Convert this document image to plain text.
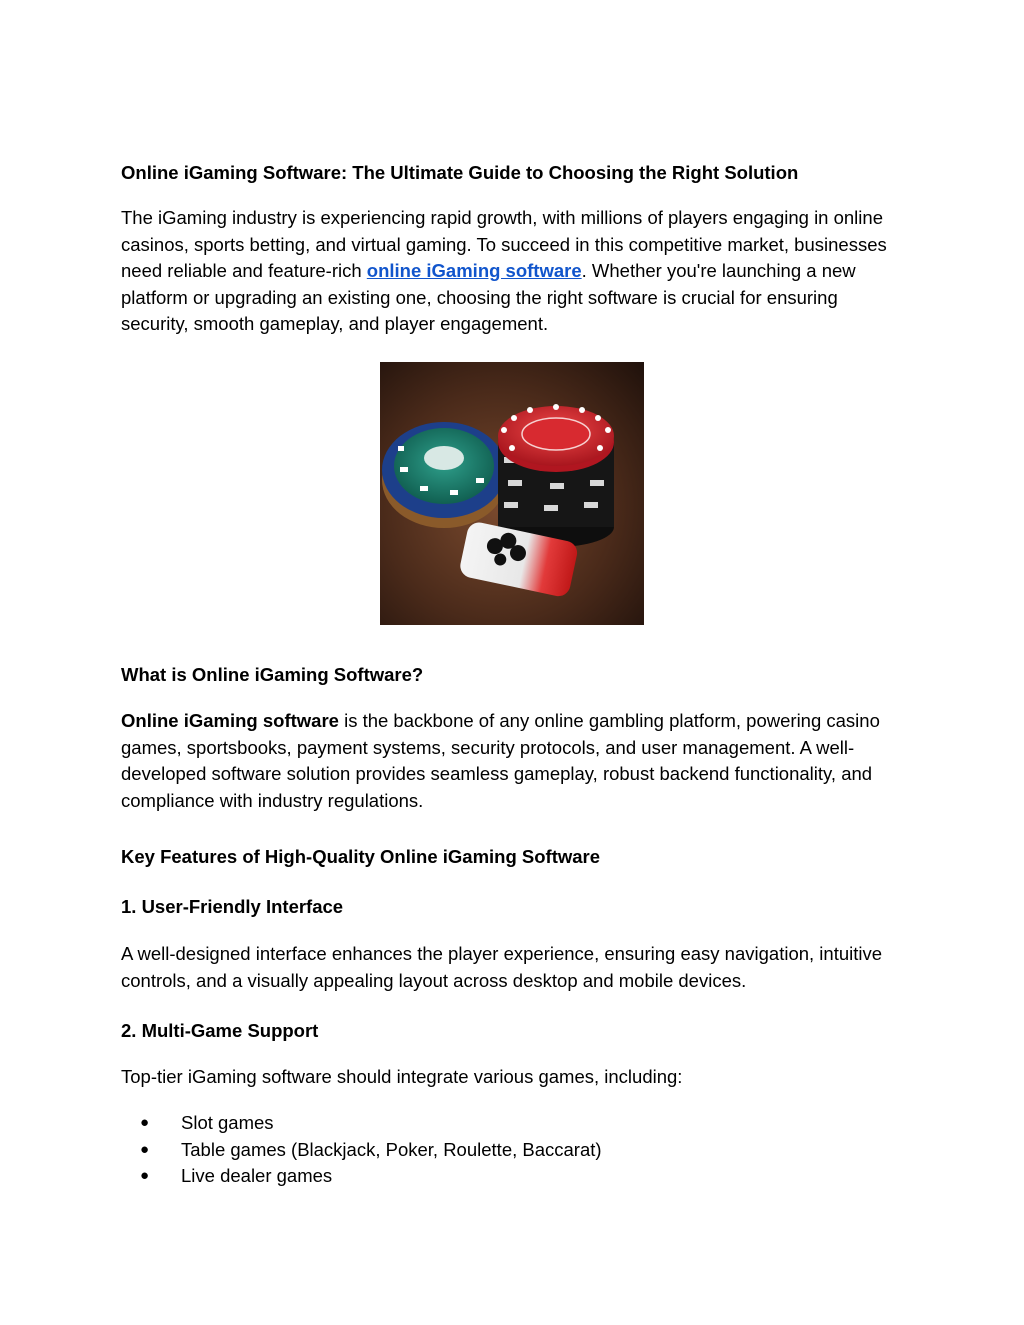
Online iGaming Software: The Ultimate Guide to Choosing the Right Solution

The iGaming industry is experiencing rapid growth, with millions of players engaging in online casinos, sports betting, and virtual gaming. To succeed in this competitive market, businesses need reliable and feature-rich online iGaming software. Whether you're launching a new platform or upgrading an existing one, choosing the right software is crucial for ensuring security, smooth gameplay, and player engagement.

What is Online iGaming Software?

Online iGaming software is the backbone of any online gambling platform, powering casino games, sportsbooks, payment systems, security protocols, and user management. A well-developed software solution provides seamless gameplay, robust backend functionality, and compliance with industry regulations.

Key Features of High-Quality Online iGaming Software
1. User-Friendly Interface

A well-designed interface enhances the player experience, ensuring easy navigation, intuitive controls, and a visually appealing layout across desktop and mobile devices.

2. Multi-Game Support

Top-tier iGaming software should integrate various games, including:

● Slot games
● Table games (Blackjack, Poker, Roulette, Baccarat)
● Live dealer games
